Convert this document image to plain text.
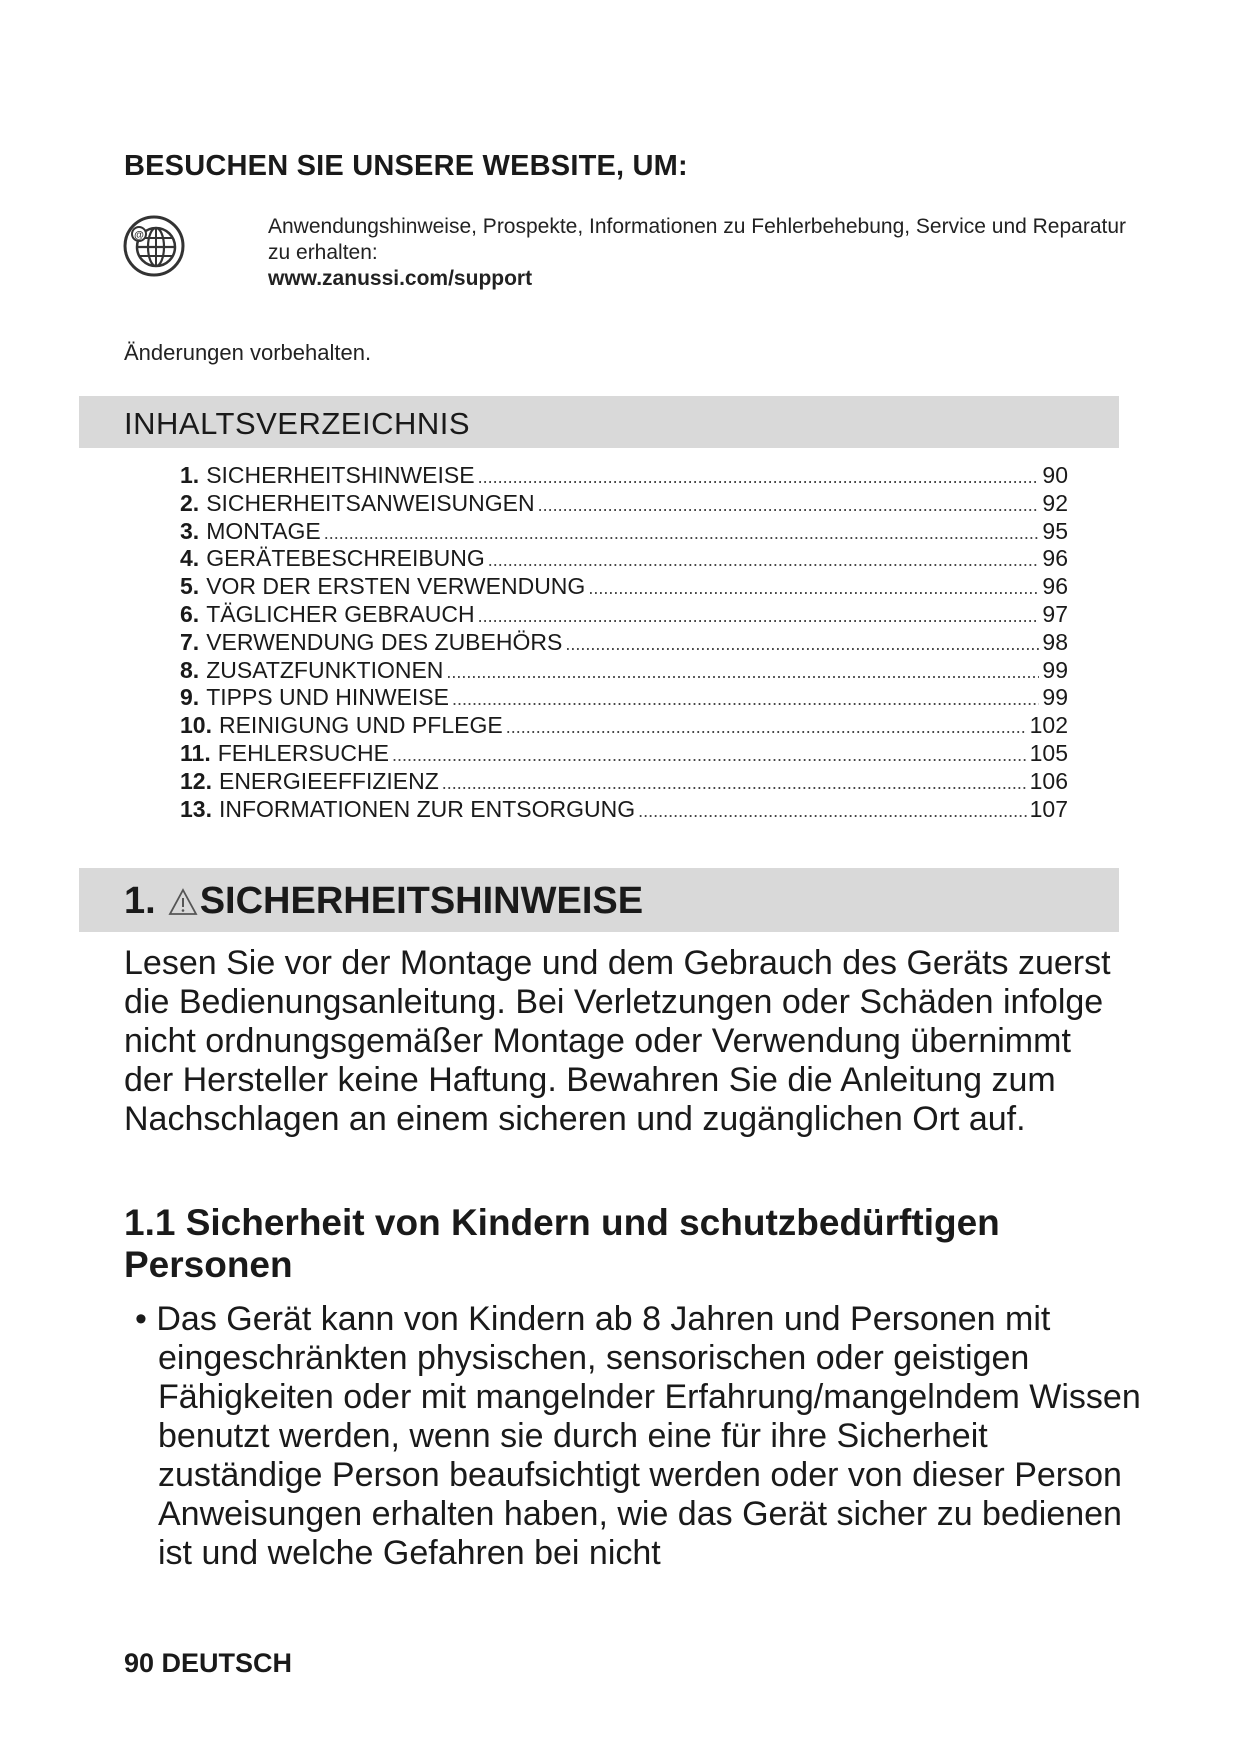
BESUCHEN SIE UNSERE WEBSITE, UM:
@	Anwendungshinweise, Prospekte, Informationen zu Fehlerbehebung, Service und Reparatur zu erhalten:
www.zanussi.com/support
Änderungen vorbehalten.
INHALTSVERZEICHNIS
1. SICHERHEITSHINWEISE .....	90
2. SICHERHEITSANWEISUNGEN .....	92
3. MONTAGE .....	95
4. GERÄTEBESCHREIBUNG .....	96
5. VOR DER ERSTEN VERWENDUNG .....	96
6. TÄGLICHER GEBRAUCH .....	97
7. VERWENDUNG DES ZUBEHÖRS .....	98
8. ZUSATZFUNKTIONEN .....	99
9. TIPPS UND HINWEISE .....	99
10. REINIGUNG UND PFLEGE .....	102
11. FEHLERSUCHE .....	105
12. ENERGIEEFFIZIENZ .....	106
13. INFORMATIONEN ZUR ENTSORGUNG .....	107
1. SICHERHEITSHINWEISE
Lesen Sie vor der Montage und dem Gebrauch des Geräts zuerst die Bedienungsanleitung. Bei Verletzungen oder Schäden infolge nicht ordnungsgemäßer Montage oder Verwendung übernimmt der Hersteller keine Haftung. Bewahren Sie die Anleitung zum Nachschlagen an einem sicheren und zugänglichen Ort auf.
1.1 Sicherheit von Kindern und schutzbedürftigen Personen
• Das Gerät kann von Kindern ab 8 Jahren und Personen mit eingeschränkten physischen, sensorischen oder geistigen Fähigkeiten oder mit mangelnder Erfahrung/mangelndem Wissen benutzt werden, wenn sie durch eine für ihre Sicherheit zuständige Person beaufsichtigt werden oder von dieser Person Anweisungen erhalten haben, wie das Gerät sicher zu bedienen ist und welche Gefahren bei nicht
90 DEUTSCH
